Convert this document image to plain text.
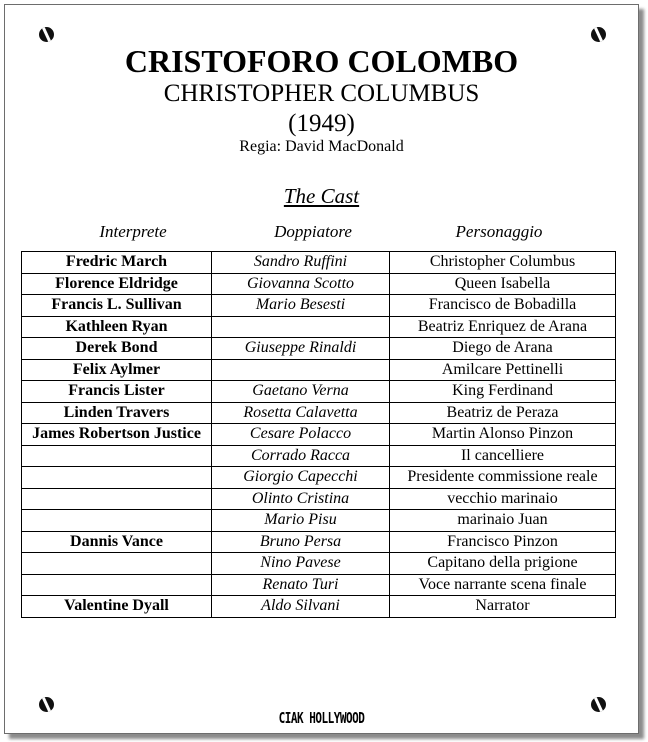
CRISTOFORO COLOMBO
CHRISTOPHER COLUMBUS
(1949)
Regia: David MacDonald
The Cast
Interprete	Doppiatore	Personaggio
Fredric March	Sandro Ruffini	Christopher Columbus
Florence Eldridge	Giovanna Scotto	Queen Isabella
Francis L. Sullivan	Mario Besesti	Francisco de Bobadilla
Kathleen Ryan		Beatriz Enriquez de Arana
Derek Bond	Giuseppe Rinaldi	Diego de Arana
Felix Aylmer		Amilcare Pettinelli
Francis Lister	Gaetano Verna	King Ferdinand
Linden Travers	Rosetta Calavetta	Beatriz de Peraza
James Robertson Justice	Cesare Polacco	Martin Alonso Pinzon
	Corrado Racca	Il cancelliere
	Giorgio Capecchi	Presidente commissione reale
	Olinto Cristina	vecchio marinaio
	Mario Pisu	marinaio Juan
Dannis Vance	Bruno Persa	Francisco Pinzon
	Nino Pavese	Capitano della prigione
	Renato Turi	Voce narrante scena finale
Valentine Dyall	Aldo Silvani	Narrator
CIAK HOLLYWOOD
